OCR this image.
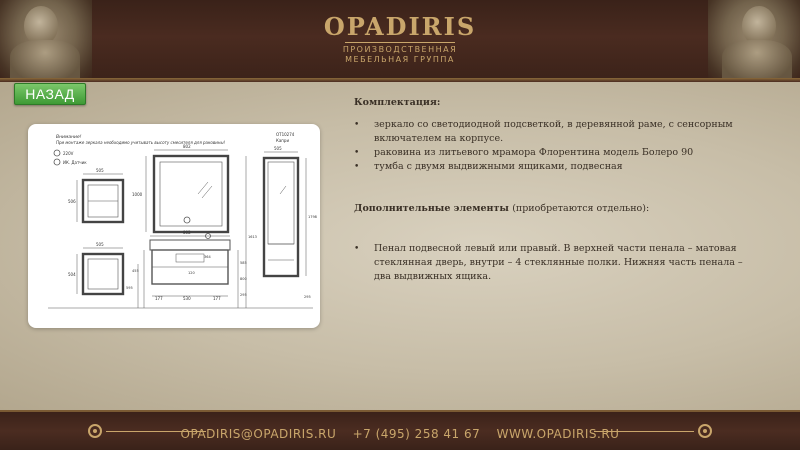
OPADIRIS
ПРОИЗВОДСТВЕННАЯ
МЕБЕЛЬНАЯ ГРУППА
НАЗАД
Внимание!
При монтаже зеркала необходимо учитывать высоту смесителя для раковины!
ОТ10274
Капри
220V
ИК. Датчик
505
506
505
504
802
1000
802
177	530	177
120
364
455
595
585
800
295
1613
505
1798
295
Комплектация:
• зеркало со светодиодной подсветкой, в деревянной раме, с сенсорным включателем на корпусе.
• раковина из литьевого мрамора Флорентина модель Болеро 90
• тумба с двумя выдвижными ящиками, подвесная
Дополнительные элементы (приобретаются отдельно):
• Пенал подвесной левый или правый. В верхней части пенала – матовая стеклянная дверь, внутри – 4 стеклянные полки. Нижняя часть пенала – два выдвижных ящика.
OPADIRIS@OPADIRIS.RU +7 (495) 258 41 67 WWW.OPADIRIS.RU
